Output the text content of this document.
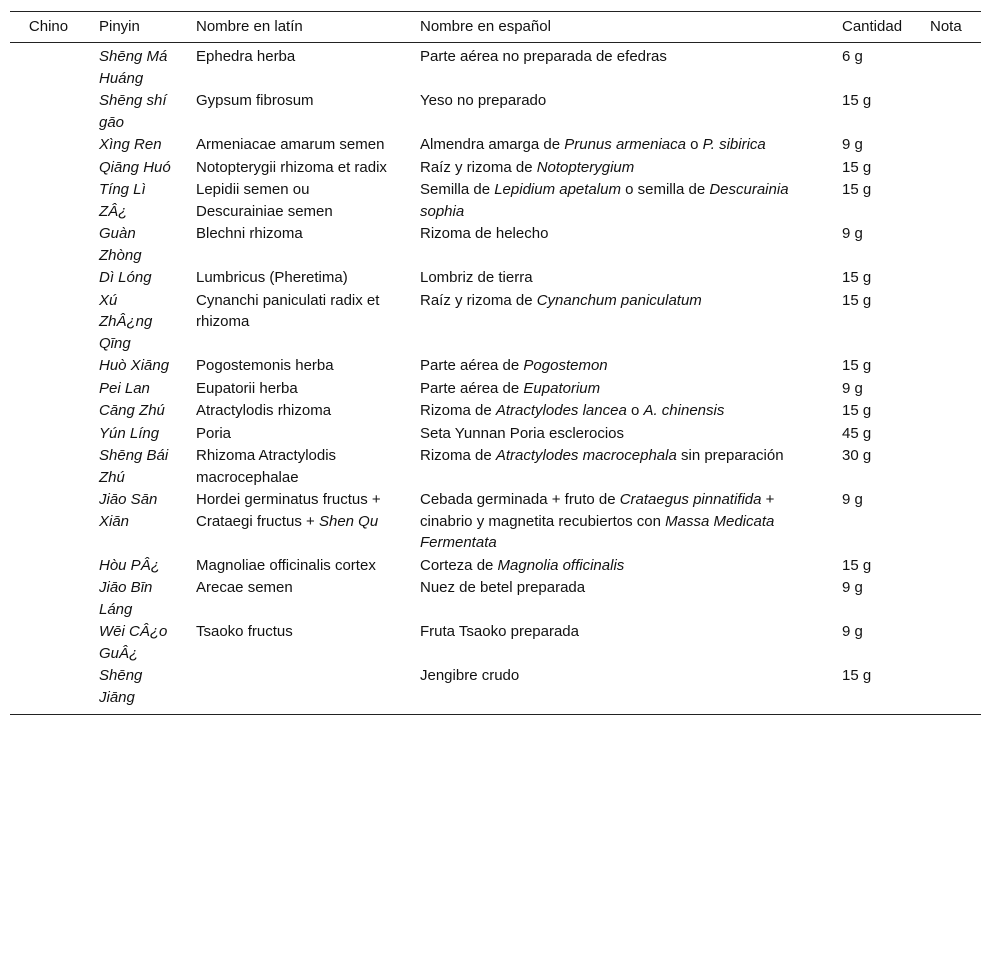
Chino	Pinyin	Nombre en latín	Nombre en español	Cantidad	Nota
	Shēng Má Huáng	Ephedra herba	Parte aérea no preparada de efedras	6 g	
	Shēng shí gāo	Gypsum fibrosum	Yeso no preparado	15 g	
	Xìng Ren	Armeniacae amarum semen	Almendra amarga de Prunus armeniaca o P. sibirica	9 g	
	Qiāng Huó	Notopterygii rhizoma et radix	Raíz y rizoma de Notopterygium	15 g	
	Tíng Lì ZÂ¿	Lepidii semen ou Descurainiae semen	Semilla de Lepidium apetalum o semilla de Descurainia sophia	15 g	
	Guàn Zhòng	Blechni rhizoma	Rizoma de helecho	9 g	
	Dì Lóng	Lumbricus (Pheretima)	Lombriz de tierra	15 g	
	Xú ZhÂ¿ng Qīng	Cynanchi paniculati radix et rhizoma	Raíz y rizoma de Cynanchum paniculatum	15 g	
	Huò Xiāng	Pogostemonis herba	Parte aérea de Pogostemon	15 g	
	Pei Lan	Eupatorii herba	Parte aérea de Eupatorium	9 g	
	Cāng Zhú	Atractylodis rhizoma	Rizoma de Atractylodes lancea o A. chinensis	15 g	
	Yún Líng	Poria	Seta Yunnan Poria esclerocios	45 g	
	Shēng Bái Zhú	Rhizoma Atractylodis macrocephalae	Rizoma de Atractylodes macrocephala sin preparación	30 g	
	Jiāo Sān Xiān	Hordei germinatus fructus + Crataegi fructus + Shen Qu	Cebada germinada + fruto de Crataegus pinnatifida + cinabrio y magnetita recubiertos con Massa Medicata Fermentata	9 g	
	Hòu PÂ¿	Magnoliae officinalis cortex	Corteza de Magnolia officinalis	15 g	
	Jiāo Bīn Láng	Arecae semen	Nuez de betel preparada	9 g	
	Wēi CÂ¿o GuÂ¿	Tsaoko fructus	Fruta Tsaoko preparada	9 g	
	Shēng Jiāng		Jengibre crudo	15 g	
